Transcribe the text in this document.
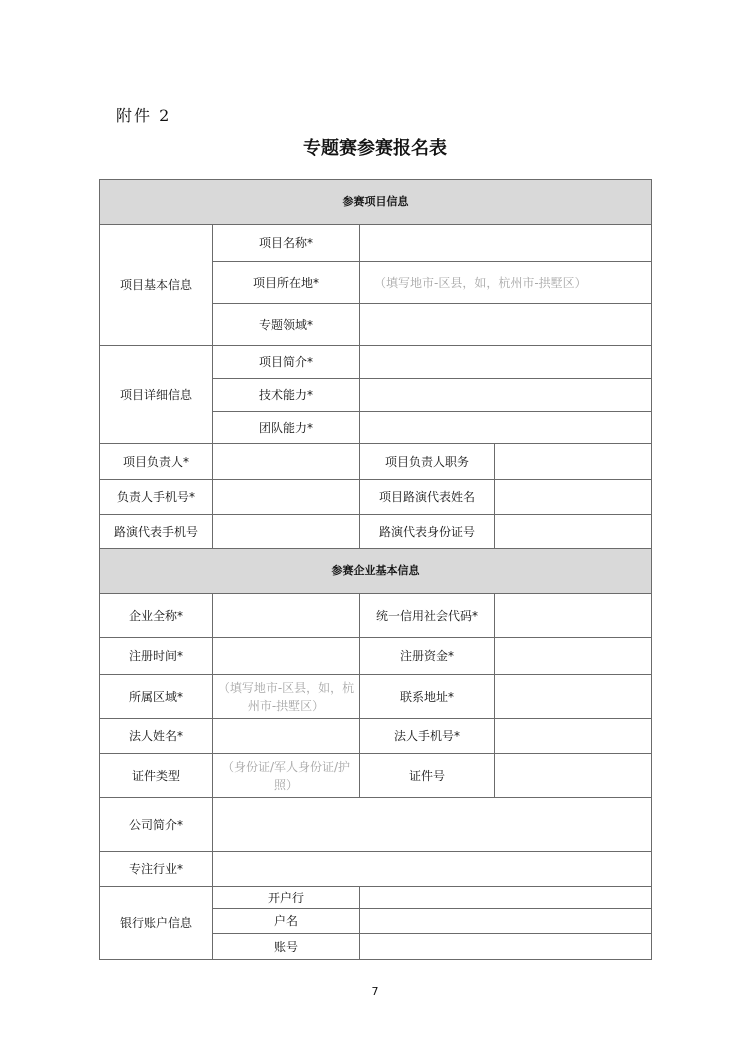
附件 2
专题赛参赛报名表
参赛项目信息			
项目基本信息	项目名称*		
	项目所在地*	（填写地市-区县，如，杭州市-拱墅区）	
	专题领域*		
项目详细信息	项目简介*		
	技术能力*		
	团队能力*		
项目负责人*		项目负责人职务	
负责人手机号*		项目路演代表姓名	
路演代表手机号		路演代表身份证号	
参赛企业基本信息			
企业全称*		统一信用社会代码*	
注册时间*		注册资金*	
所属区域*	（填写地市-区县，如，杭州市-拱墅区）	联系地址*	
法人姓名*		法人手机号*	
证件类型	（身份证/军人身份证/护照）	证件号	
公司简介*			
专注行业*			
银行账户信息	开户行		
	户名		
	账号		
7
